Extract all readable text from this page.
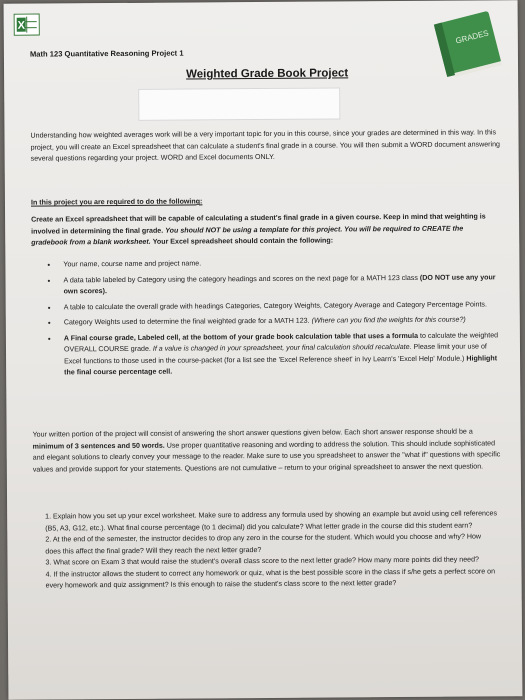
X
GRADES
Math 123 Quantitative Reasoning Project 1
Weighted Grade Book Project
Understanding how weighted averages work will be a very important topic for you in this course, since your grades are determined in this way. In this project, you will create an Excel spreadsheet that can calculate a student's final grade in a course. You will then submit a WORD document answering several questions regarding your project. WORD and Excel documents ONLY.
In this project you are required to do the following:
Create an Excel spreadsheet that will be capable of calculating a student's final grade in a given course. Keep in mind that weighting is involved in determining the final grade. You should NOT be using a template for this project. You will be required to CREATE the gradebook from a blank worksheet. Your Excel spreadsheet should contain the following:
• Your name, course name and project name.
• A data table labeled by Category using the category headings and scores on the next page for a MATH 123 class (DO NOT use any your own scores).
• A table to calculate the overall grade with headings Categories, Category Weights, Category Average and Category Percentage Points.
• Category Weights used to determine the final weighted grade for a MATH 123. (Where can you find the weights for this course?)
• A Final course grade, Labeled cell, at the bottom of your grade book calculation table that uses a formula to calculate the weighted OVERALL COURSE grade. If a value is changed in your spreadsheet, your final calculation should recalculate. Please limit your use of Excel functions to those used in the course-packet (for a list see the 'Excel Reference sheet' in Ivy Learn's 'Excel Help' Module.) Highlight the final course percentage cell.
Your written portion of the project will consist of answering the short answer questions given below. Each short answer response should be a minimum of 3 sentences and 50 words. Use proper quantitative reasoning and wording to address the solution. This should include sophisticated and elegant solutions to clearly convey your message to the reader. Make sure to use you spreadsheet to answer the "what if" questions with specific values and provide support for your statements. Questions are not cumulative – return to your original spreadsheet to answer the next question.
1. Explain how you set up your excel worksheet. Make sure to address any formula used by showing an example but avoid using cell references (B5, A3, G12, etc.). What final course percentage (to 1 decimal) did you calculate? What letter grade in the course did this student earn?
2. At the end of the semester, the instructor decides to drop any zero in the course for the student. Which would you choose and why? How does this affect the final grade? Will they reach the next letter grade?
3. What score on Exam 3 that would raise the student's overall class score to the next letter grade? How many more points did they need?
4. If the instructor allows the student to correct any homework or quiz, what is the best possible score in the class if s/he gets a perfect score on every homework and quiz assignment? Is this enough to raise the student's class score to the next letter grade?
